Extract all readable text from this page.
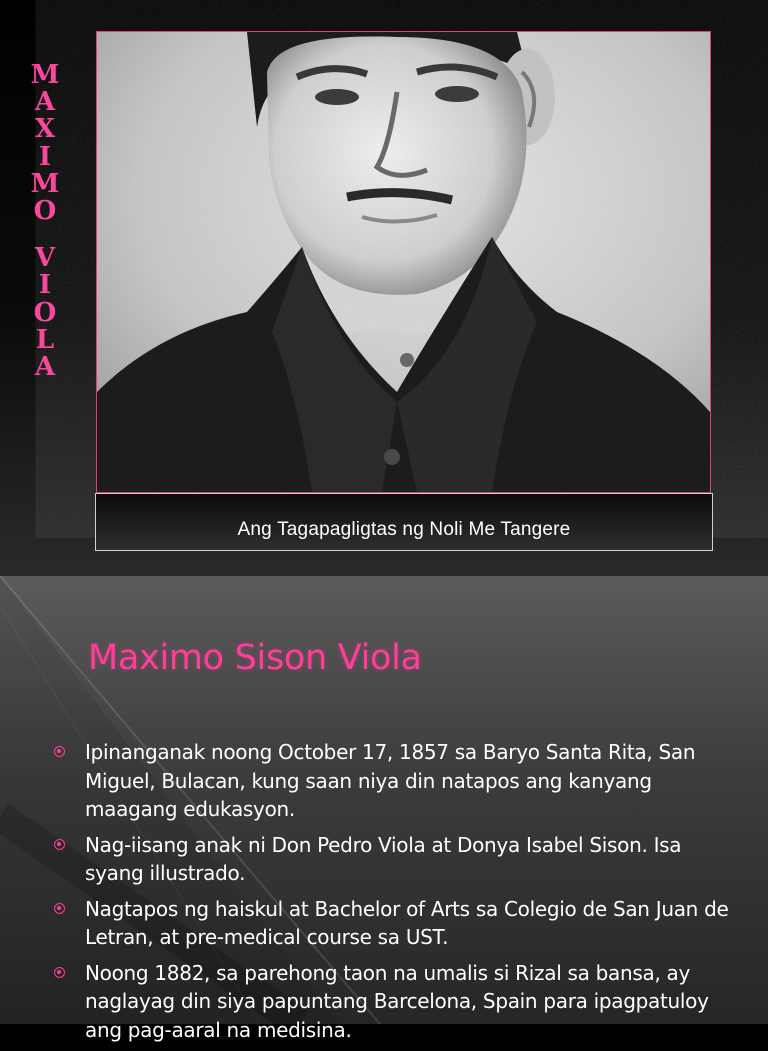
M
A
X
I
M
O
V
I
O
L
A
Ang Tagapagligtas ng Noli Me Tangere
Maximo Sison Viola
Ipinanganak noong October 17, 1857 sa Baryo Santa Rita, San Miguel, Bulacan, kung saan niya din natapos ang kanyang maagang edukasyon.
Nag-iisang anak ni Don Pedro Viola at Donya Isabel Sison. Isa syang illustrado.
Nagtapos ng haiskul at Bachelor of Arts sa Colegio de San Juan de Letran, at pre-medical course sa UST.
Noong 1882, sa parehong taon na umalis si Rizal sa bansa, ay naglayag din siya papuntang Barcelona, Spain para ipagpatuloy ang pag-aaral na medisina.
